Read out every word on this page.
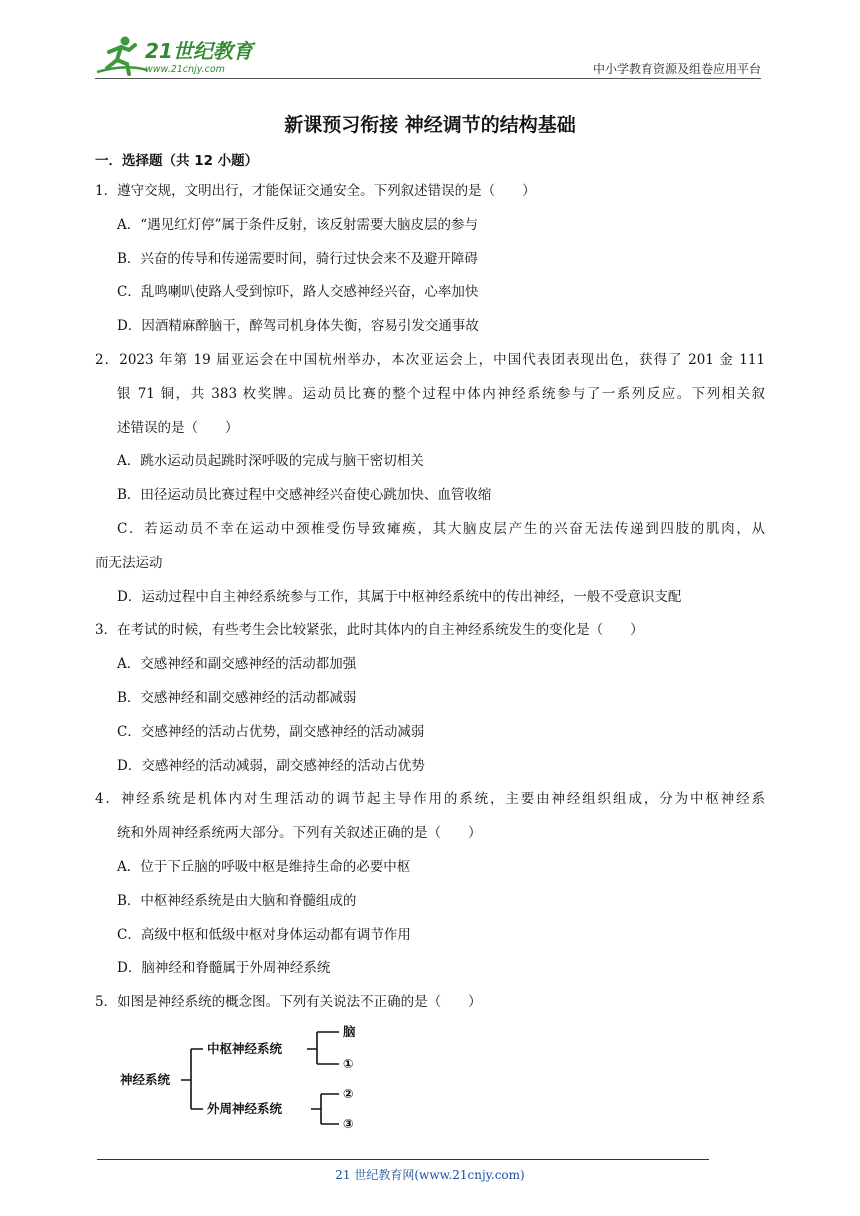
21世纪教育
www.21cnjy.com	中小学教育资源及组卷应用平台
新课预习衔接 神经调节的结构基础
一．选择题（共 12 小题）
1．遵守交规，文明出行，才能保证交通安全。下列叙述错误的是（　　）
A．“遇见红灯停”属于条件反射，该反射需要大脑皮层的参与
B．兴奋的传导和传递需要时间，骑行过快会来不及避开障碍
C．乱鸣喇叭使路人受到惊吓，路人交感神经兴奋，心率加快
D．因酒精麻醉脑干，醉驾司机身体失衡，容易引发交通事故
2．2023 年第 19 届亚运会在中国杭州举办，本次亚运会上，中国代表团表现出色，获得了 201 金 111
银 71 铜，共 383 枚奖牌。运动员比赛的整个过程中体内神经系统参与了一系列反应。下列相关叙
述错误的是（　　）
A．跳水运动员起跳时深呼吸的完成与脑干密切相关
B．田径运动员比赛过程中交感神经兴奋使心跳加快、血管收缩
C．若运动员不幸在运动中颈椎受伤导致瘫痪，其大脑皮层产生的兴奋无法传递到四肢的肌肉，从
而无法运动
D．运动过程中自主神经系统参与工作，其属于中枢神经系统中的传出神经，一般不受意识支配
3．在考试的时候，有些考生会比较紧张，此时其体内的自主神经系统发生的变化是（　　）
A．交感神经和副交感神经的活动都加强
B．交感神经和副交感神经的活动都减弱
C．交感神经的活动占优势，副交感神经的活动减弱
D．交感神经的活动减弱，副交感神经的活动占优势
4．神经系统是机体内对生理活动的调节起主导作用的系统，主要由神经组织组成，分为中枢神经系
统和外周神经系统两大部分。下列有关叙述正确的是（　　）
A．位于下丘脑的呼吸中枢是维持生命的必要中枢
B．中枢神经系统是由大脑和脊髓组成的
C．高级中枢和低级中枢对身体运动都有调节作用
D．脑神经和脊髓属于外周神经系统
5．如图是神经系统的概念图。下列有关说法不正确的是（　　）
神经系统
中枢神经系统
外周神经系统
脑
①
②
③
21 世纪教育网(www.21cnjy.com)
